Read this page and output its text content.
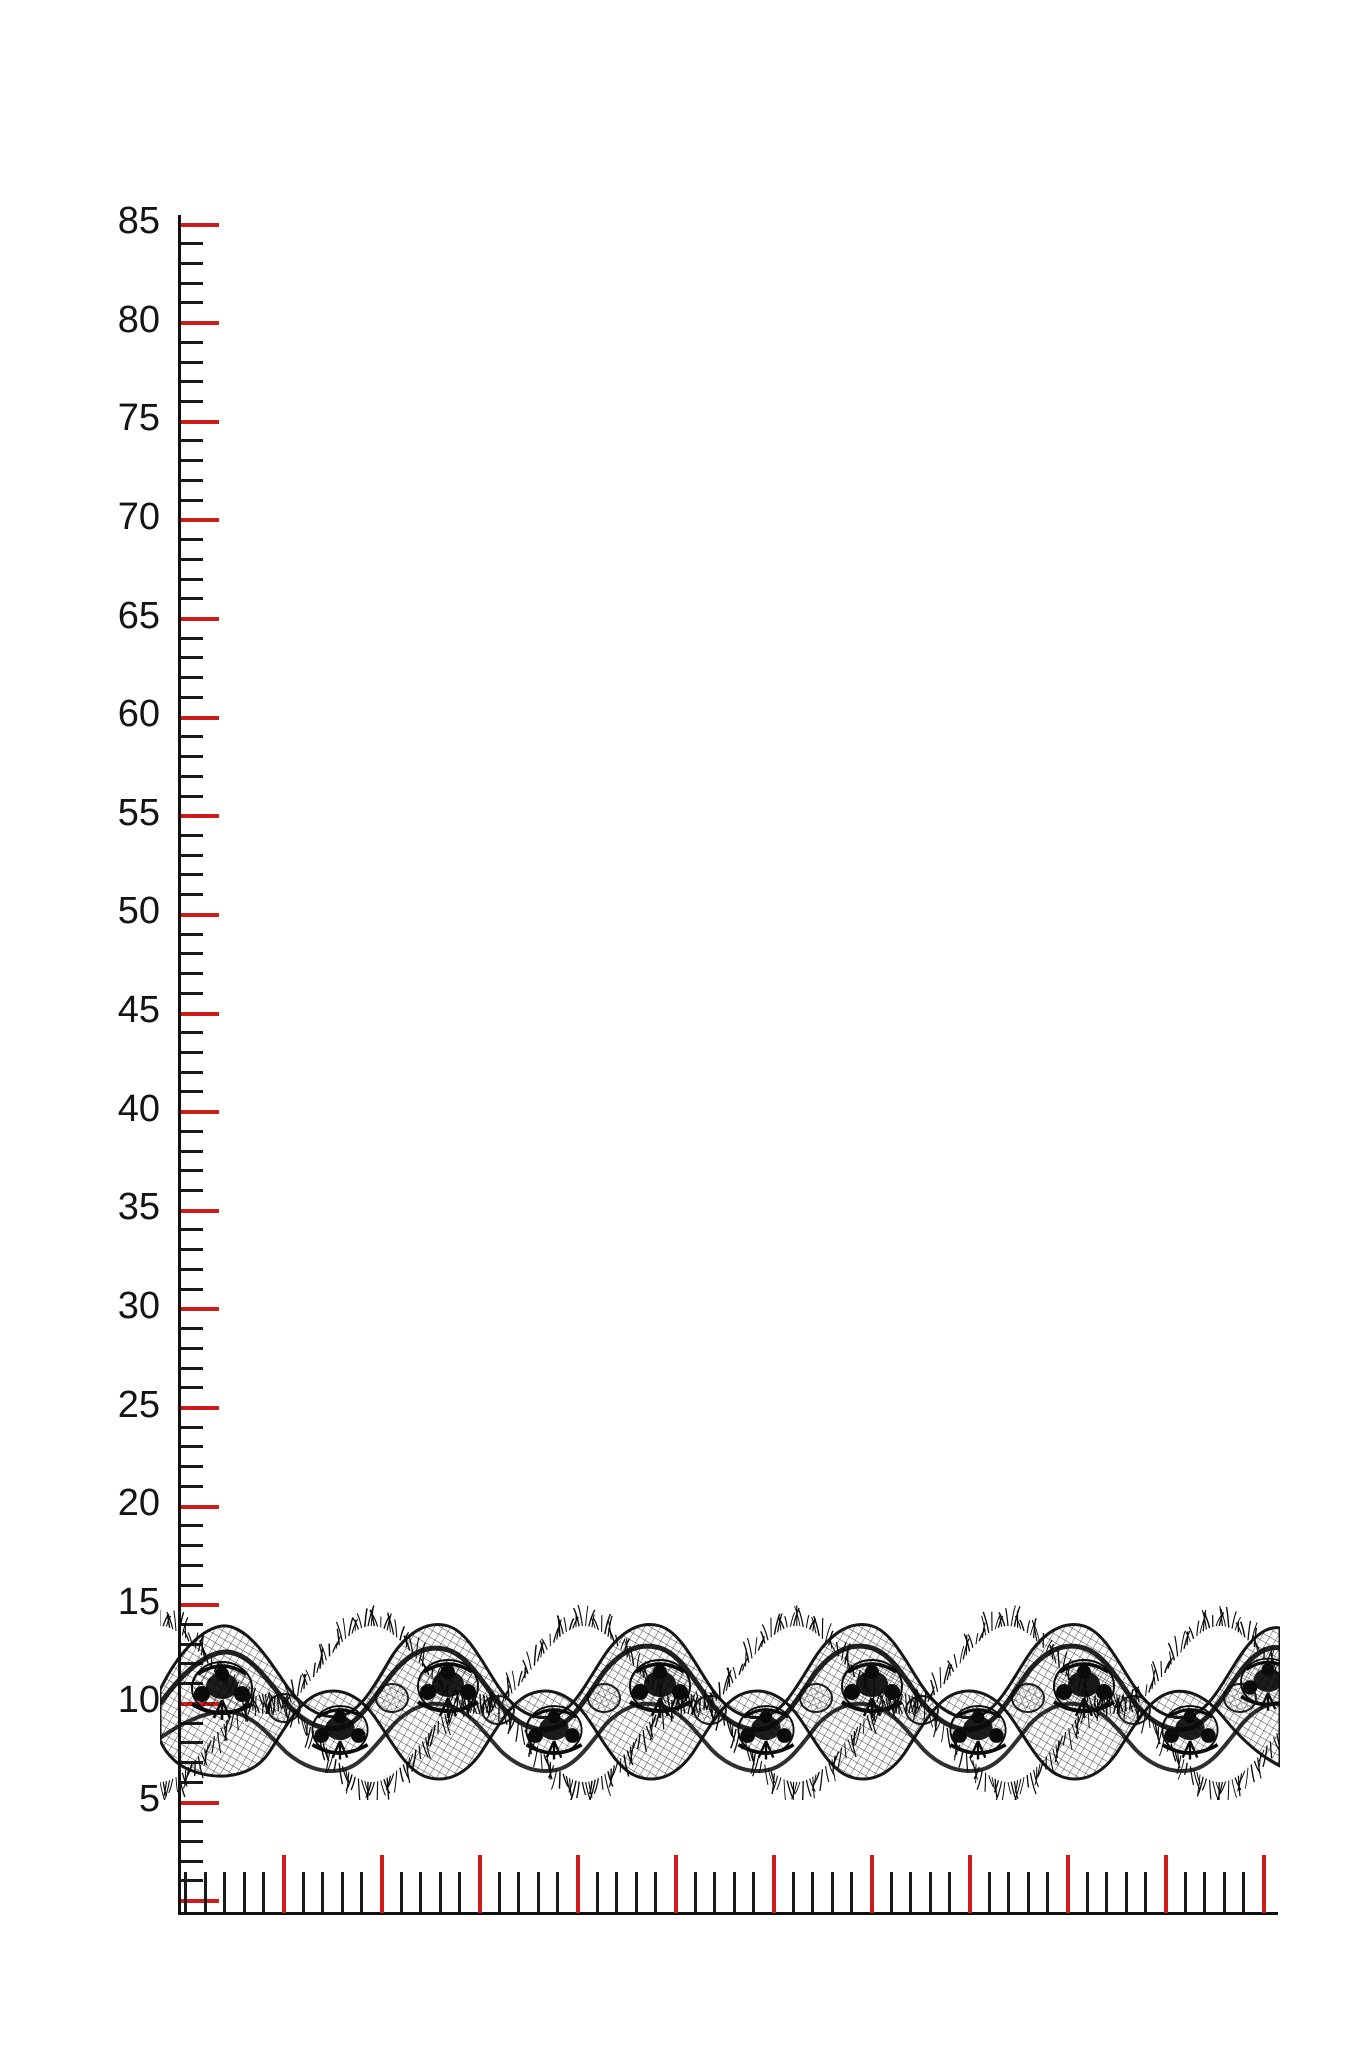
85
80
75
70
65
60
55
50
45
40
35
30
25
20
15
10
5
